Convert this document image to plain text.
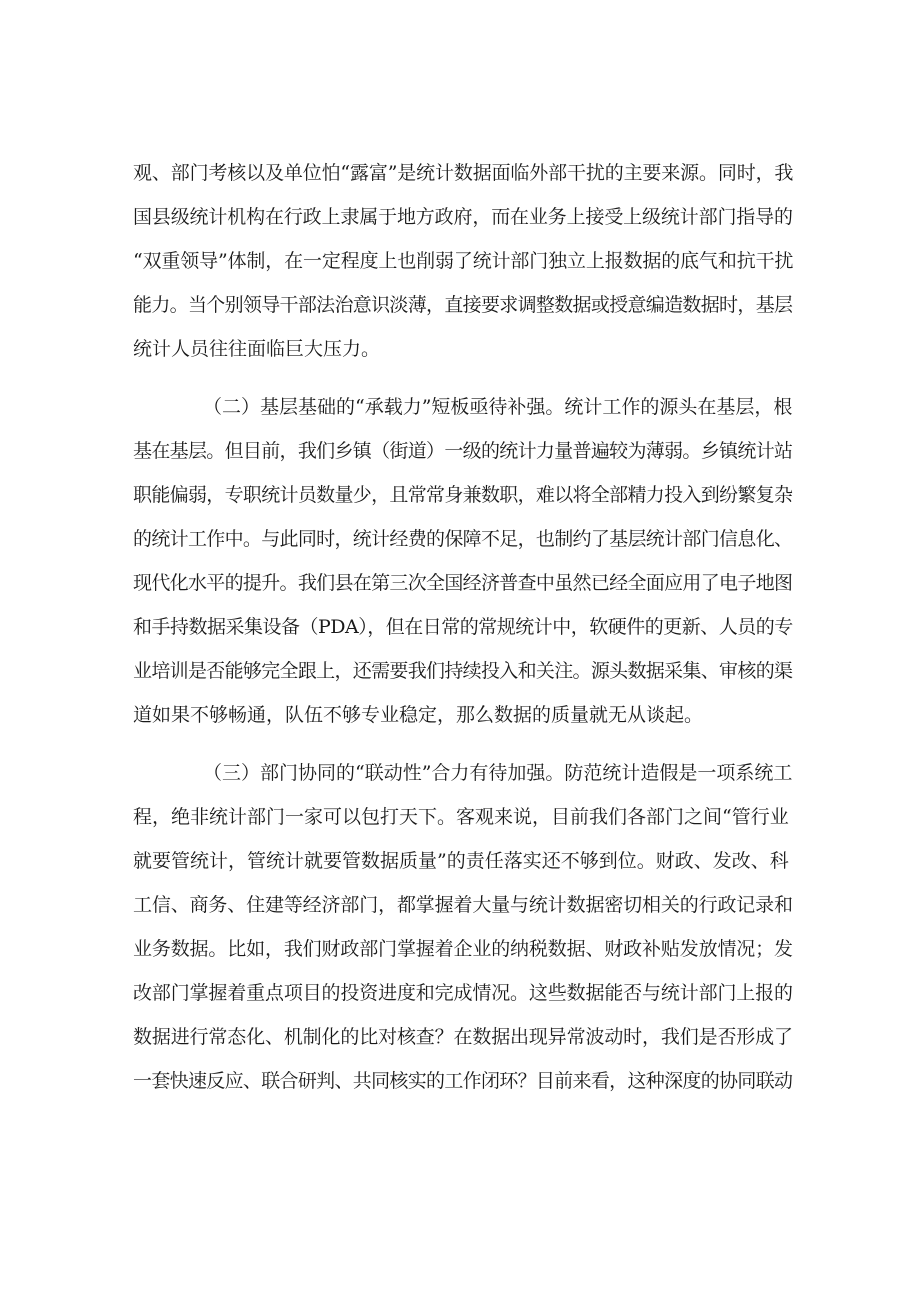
观、部门考核以及单位怕“露富”是统计数据面临外部干扰的主要来源。同时，我
国县级统计机构在行政上隶属于地方政府，而在业务上接受上级统计部门指导的
“双重领导”体制，在一定程度上也削弱了统计部门独立上报数据的底气和抗干扰
能力。当个别领导干部法治意识淡薄，直接要求调整数据或授意编造数据时，基层
统计人员往往面临巨大压力。
（二）基层基础的“承载力”短板亟待补强。统计工作的源头在基层，根
基在基层。但目前，我们乡镇（街道）一级的统计力量普遍较为薄弱。乡镇统计站
职能偏弱，专职统计员数量少，且常常身兼数职，难以将全部精力投入到纷繁复杂
的统计工作中。与此同时，统计经费的保障不足，也制约了基层统计部门信息化、
现代化水平的提升。我们县在第三次全国经济普查中虽然已经全面应用了电子地图
和手持数据采集设备（PDA），但在日常的常规统计中，软硬件的更新、人员的专
业培训是否能够完全跟上，还需要我们持续投入和关注。源头数据采集、审核的渠
道如果不够畅通，队伍不够专业稳定，那么数据的质量就无从谈起。
（三）部门协同的“联动性”合力有待加强。防范统计造假是一项系统工
程，绝非统计部门一家可以包打天下。客观来说，目前我们各部门之间“管行业
就要管统计，管统计就要管数据质量”的责任落实还不够到位。财政、发改、科
工信、商务、住建等经济部门，都掌握着大量与统计数据密切相关的行政记录和
业务数据。比如，我们财政部门掌握着企业的纳税数据、财政补贴发放情况；发
改部门掌握着重点项目的投资进度和完成情况。这些数据能否与统计部门上报的
数据进行常态化、机制化的比对核查？在数据出现异常波动时，我们是否形成了
一套快速反应、联合研判、共同核实的工作闭环？目前来看，这种深度的协同联动
